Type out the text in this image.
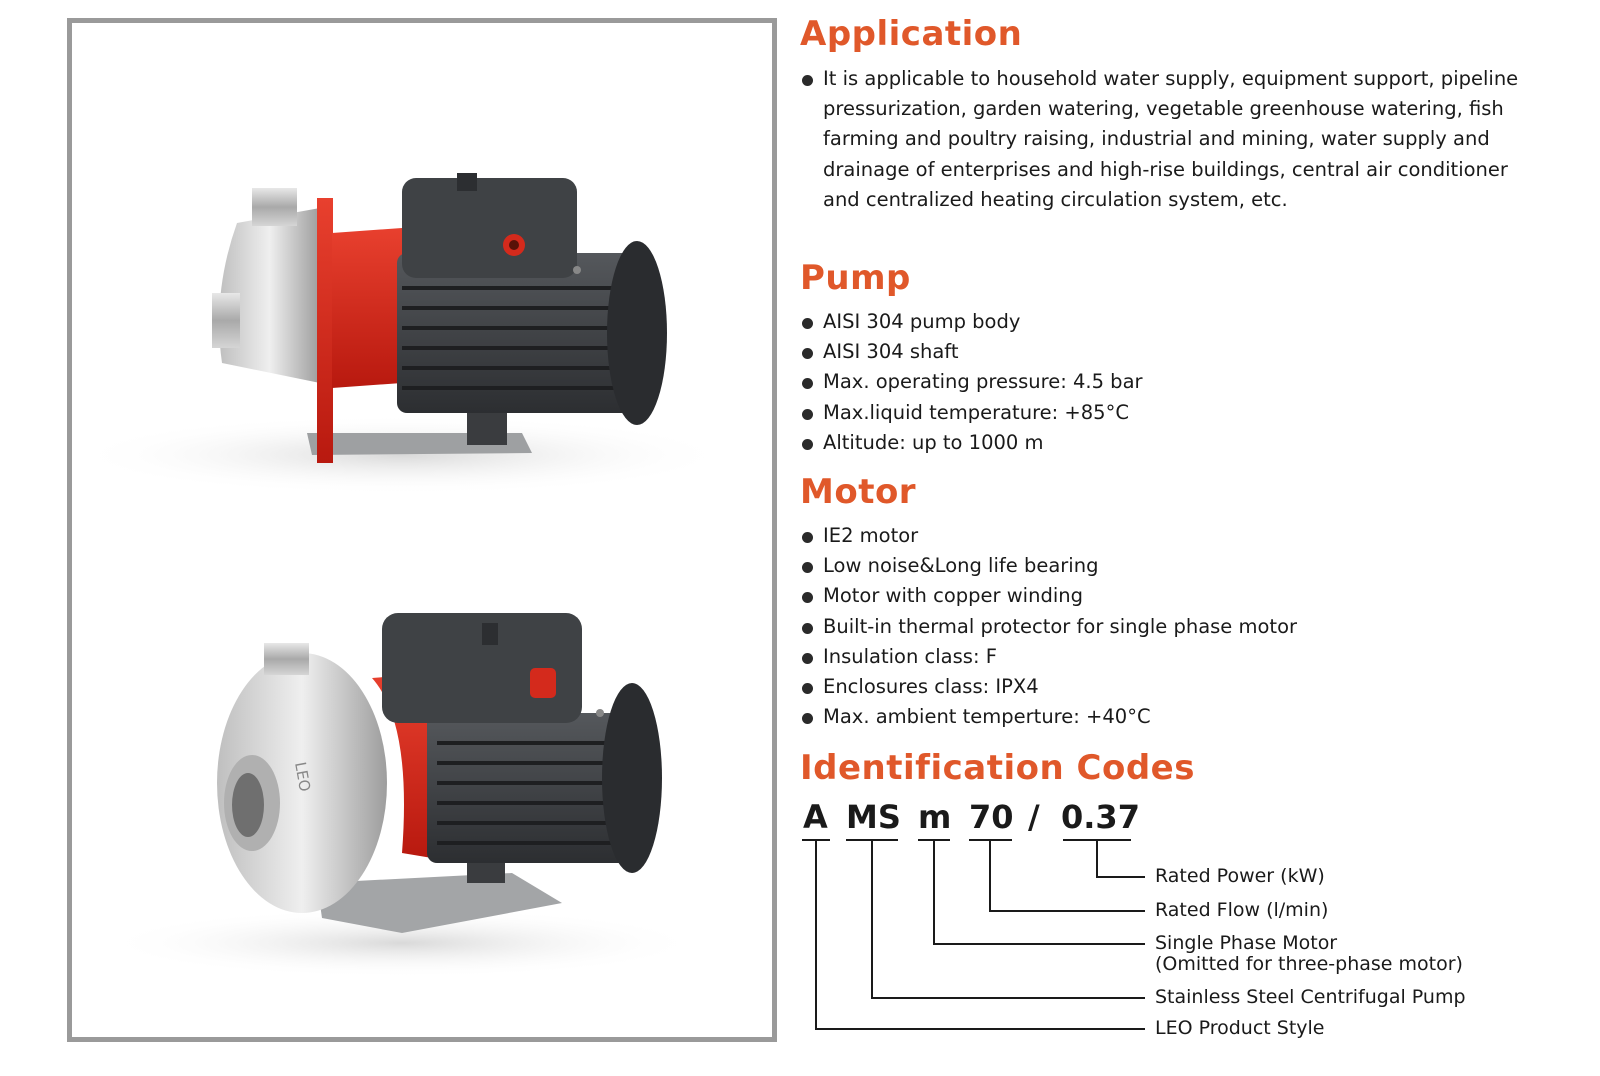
LEO
Application
It is applicable to household water supply, equipment support, pipeline pressurization, garden watering, vegetable greenhouse watering, fish farming and poultry raising, industrial and mining, water supply and drainage of enterprises and high-rise buildings, central air conditioner and centralized heating circulation system, etc.
Pump
AISI 304 pump body
AISI 304 shaft
Max. operating pressure: 4.5 bar
Max.liquid temperature: +85°C
Altitude: up to 1000 m
Motor
IE2 motor
Low noise&Long life bearing
Motor with copper winding
Built-in thermal protector for single phase motor
Insulation class: F
Enclosures class: IPX4
Max. ambient temperture: +40°C
Identification Codes
A MS m 70 / 0.37
Rated Power (kW)
Rated Flow (l/min)
Single Phase Motor
(Omitted for three-phase motor)
Stainless Steel Centrifugal Pump
LEO Product Style
